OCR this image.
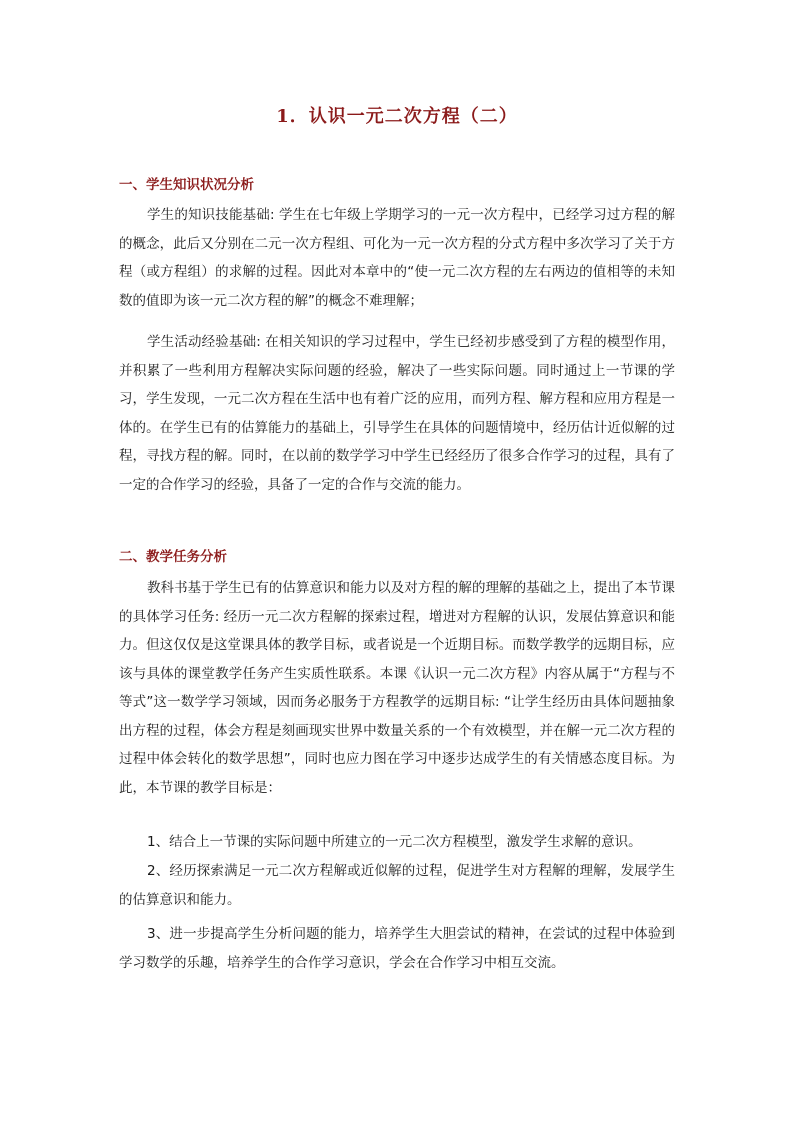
1．认识一元二次方程（二）
一、学生知识状况分析

学生的知识技能基础: 学生在七年级上学期学习的一元一次方程中，已经学习过方程的解的概念，此后又分别在二元一次方程组、可化为一元一次方程的分式方程中多次学习了关于方程（或方程组）的求解的过程。因此对本章中的“使一元二次方程的左右两边的值相等的未知数的值即为该一元二次方程的解”的概念不难理解；

学生活动经验基础: 在相关知识的学习过程中，学生已经初步感受到了方程的模型作用，并积累了一些利用方程解决实际问题的经验，解决了一些实际问题。同时通过上一节课的学习，学生发现，一元二次方程在生活中也有着广泛的应用，而列方程、解方程和应用方程是一体的。在学生已有的估算能力的基础上，引导学生在具体的问题情境中，经历估计近似解的过程，寻找方程的解。同时，在以前的数学学习中学生已经经历了很多合作学习的过程，具有了一定的合作学习的经验，具备了一定的合作与交流的能力。

二、教学任务分析

教科书基于学生已有的估算意识和能力以及对方程的解的理解的基础之上，提出了本节课的具体学习任务: 经历一元二次方程解的探索过程，增进对方程解的认识，发展估算意识和能力。但这仅仅是这堂课具体的教学目标，或者说是一个近期目标。而数学教学的远期目标，应该与具体的课堂教学任务产生实质性联系。本课《认识一元二次方程》内容从属于“方程与不等式”这一数学学习领域，因而务必服务于方程教学的远期目标: “让学生经历由具体问题抽象出方程的过程，体会方程是刻画现实世界中数量关系的一个有效模型，并在解一元二次方程的过程中体会转化的数学思想”，同时也应力图在学习中逐步达成学生的有关情感态度目标。为此，本节课的教学目标是：

1、结合上一节课的实际问题中所建立的一元二次方程模型，激发学生求解的意识。

2、经历探索满足一元二次方程解或近似解的过程，促进学生对方程解的理解，发展学生的估算意识和能力。

3、进一步提高学生分析问题的能力，培养学生大胆尝试的精神，在尝试的过程中体验到学习数学的乐趣，培养学生的合作学习意识，学会在合作学习中相互交流。
